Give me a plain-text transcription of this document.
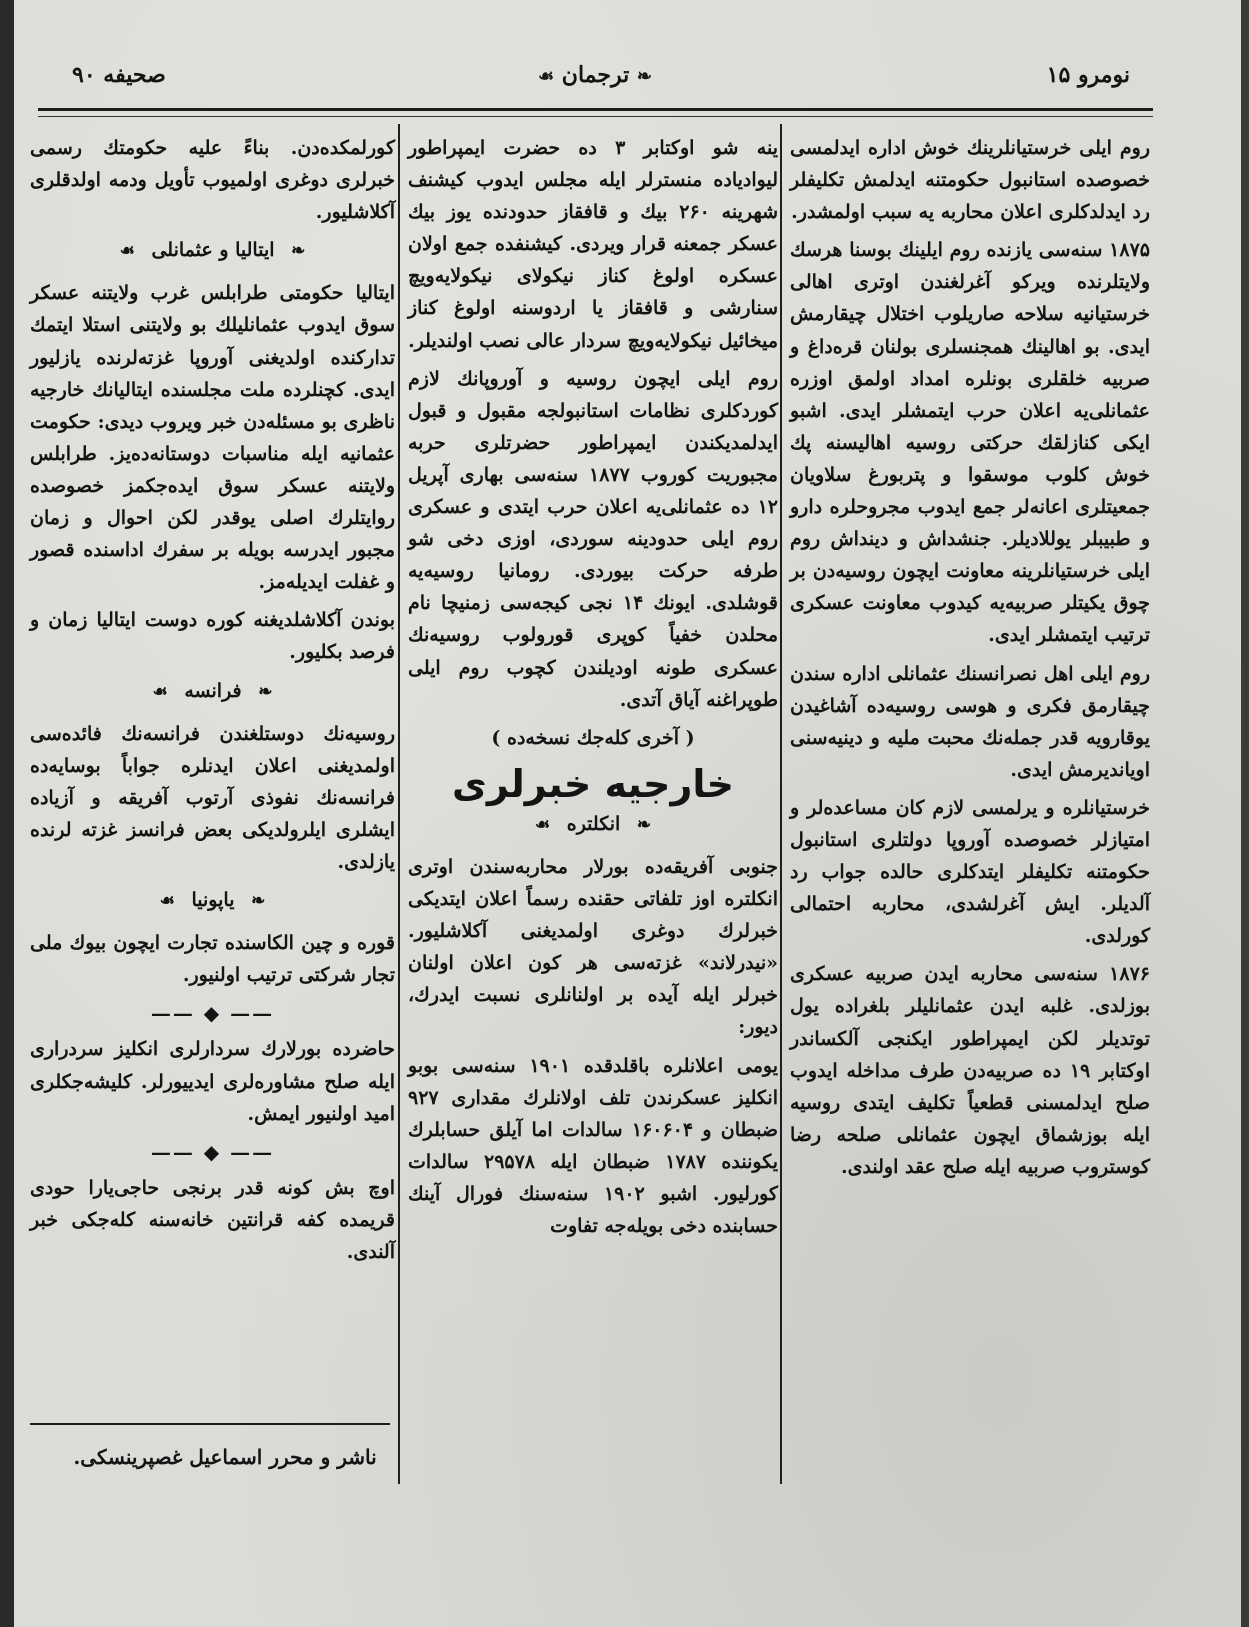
صحیفه ۹۰	❧ ترجمان ☙	نومرو ۱۵

روم ایلی خرستیانلرینك خوش اداره ایدلمسی خصوصده استانبول حکومتنه ایدلمش تکلیفلر رد ایدلدکلری اعلان محاربه یه سبب اولمشدر.

۱۸۷۵ سنه‌سی یازنده روم ایلینك بوسنا هرسك ولایتلرنده ویرکو آغرلغندن اوتری اهالی خرستیانیه سلاحه صاریلوب اختلال چیقارمش ایدی. بو اهالینك همجنسلری بولنان قره‌داغ و صربیه خلقلری بونلره امداد اولمق اوزره عثمانلی‌یه اعلان حرب ایتمشلر ایدی. اشبو ایکی کنازلقك حرکتی روسیه اهالیسنه پك خوش کلوب موسقوا و پتربورغ سلاویان جمعیتلری اعانه‌لر جمع ایدوب مجروحلره دارو و طبیبلر یوللادیلر. جنشداش و دینداش روم ایلی خرستیانلرینه معاونت ایچون روسیه‌دن بر چوق یکیتلر صربیه‌یه کیدوب معاونت عسکری ترتیب ایتمشلر ایدی.

روم ایلی اهل نصرانسنك عثمانلی اداره سندن چیقارمق فکری و هوسی روسیه‌ده آشاغیدن یوقارویه قدر جمله‌نك محبت ملیه و دینیه‌سنی اویاندیرمش ایدی.

خرستیانلره و یرلمسی لازم کان مساعده‌لر و امتیازلر خصوصده آوروپا دولتلری استانبول حکومتنه تکلیفلر ایتدکلری حالده جواب رد آلدیلر. ایش آغرلشدی، محاربه احتمالی کورلدی.

۱۸۷۶ سنه‌سی محاربه ایدن صربیه عسکری بوزلدی. غلبه ایدن عثمانلیلر بلغراده یول توتدیلر لکن ایمپراطور ایکنجی آلکساندر اوکتابر ۱۹ ده صربیه‌دن طرف مداخله ایدوب صلح ایدلمسنی قطعیاً تکلیف ایتدی روسیه ایله بوزشماق ایچون عثمانلی صلحه رضا کوستروب صربیه ایله صلح عقد اولندی.

ینه شو اوکتابر ۳ ده حضرت ایمپراطور لیوادیاده منسترلر ایله مجلس ایدوب کیشنف شهرینه ۲۶۰ بیك و قافقاز حدودنده یوز بیك عسکر جمعنه قرار ویردی. کیشنفده جمع اولان عسکره اولوغ کناز نیکولای نیکولایه‌ویچ سنارشی و قافقاز یا اردوسنه اولوغ کناز میخائیل نیکولایه‌ویچ سردار عالی نصب اولندیلر.

روم ایلی ایچون روسیه و آوروپانك لازم کوردکلری نظامات استانبولجه مقبول و قبول ایدلمدیکندن ایمپراطور حضرتلری حربه مجبوریت کوروب ۱۸۷۷ سنه‌سی بهاری آپریل ۱۲ ده عثمانلی‌یه اعلان حرب ایتدی و عسکری روم ایلی حدودینه سوردی، اوزی دخی شو طرفه حرکت بیوردی. رومانیا روسیه‌یه قوشلدی. ایونك ۱۴ نجی کیجه‌سی زمنیچا نام محلدن خفیاً کوپری قورولوب روسیه‌نك عسکری طونه اودیلندن کچوب روم ایلی طوپراغنه آیاق آتدی.

( آخری کله‌جك نسخه‌ده )
خارجیه خبرلری
❧ انکلتره ☙

جنوبی آفریقه‌ده بورلار محاربه‌سندن اوتری انکلتره اوز تلفاتی حقنده رسماً اعلان ایتدیکی خبرلرك دوغری اولمدیغنی آکلاشلیور. «نیدرلاند» غزته‌سی هر کون اعلان اولنان خبرلر ایله آیده بر اولنانلری نسبت ایدرك، دیور:

یومی اعلانلره باقلدقده ۱۹۰۱ سنه‌سی بوبو انکلیز عسکرندن تلف اولانلرك مقداری ۹۲۷ ضبطان و ۱۶۰۶۰۴ سالدات اما آیلق حسابلرك یکوننده ۱۷۸۷ ضبطان ایله ۲۹۵۷۸ سالدات کورلیور. اشبو ۱۹۰۲ سنه‌سنك فورال آینك حسابنده دخی بویله‌جه تفاوت

کورلمکده‌دن. بناءً علیه حکومتك رسمی خبرلری دوغری اولمیوب تأویل ودمه اولدقلری آکلاشلیور.

❧ ایتالیا و عثمانلی ☙

ایتالیا حکومتی طرابلس غرب ولایتنه عسکر سوق ایدوب عثمانلیلك بو ولایتنی استلا ایتمك تدارکنده اولدیغنی آوروپا غزته‌لرنده یازلیور ایدی. کچنلرده ملت مجلسنده ایتالیانك خارجیه ناظری بو مسئله‌دن خبر ویروب دیدی: حکومت عثمانیه ایله مناسبات دوستانه‌ده‌یز. طرابلس ولایتنه عسکر سوق ایده‌جکمز خصوصده روایتلرك اصلی یوقدر لکن احوال و زمان مجبور ایدرسه بویله بر سفرك اداسنده قصور و غفلت ایدیله‌مز.

بوندن آکلاشلدیغنه کوره دوست ایتالیا زمان و فرصد بکلیور.

❧ فرانسه ☙

روسیه‌نك دوستلغندن فرانسه‌نك فائده‌سی اولمدیغنی اعلان ایدنلره جواباً بوسایه‌ده فرانسه‌نك نفوذی آرتوب آفریقه و آزیاده ایشلری ایلرولدیکی بعض فرانسز غزته لرنده یازلدی.

❧ یاپونیا ☙

قوره و چین الکاسنده تجارت ایچون بیوك ملی تجار شرکتی ترتیب اولنیور.

—— ◆ ——

حاضرده بورلارك سردارلری انکلیز سردراری ایله صلح مشاوره‌لری ایدییورلر. کلیشه‌جکلری امید اولنیور ایمش.

—— ◆ ——

اوچ بش کونه قدر برنجی حاجی‌یارا حودی قریمده کفه قرانتین خانه‌سنه کله‌جکی خبر آلندی.

ناشر و محرر اسماعیل غصپرینسکی.
